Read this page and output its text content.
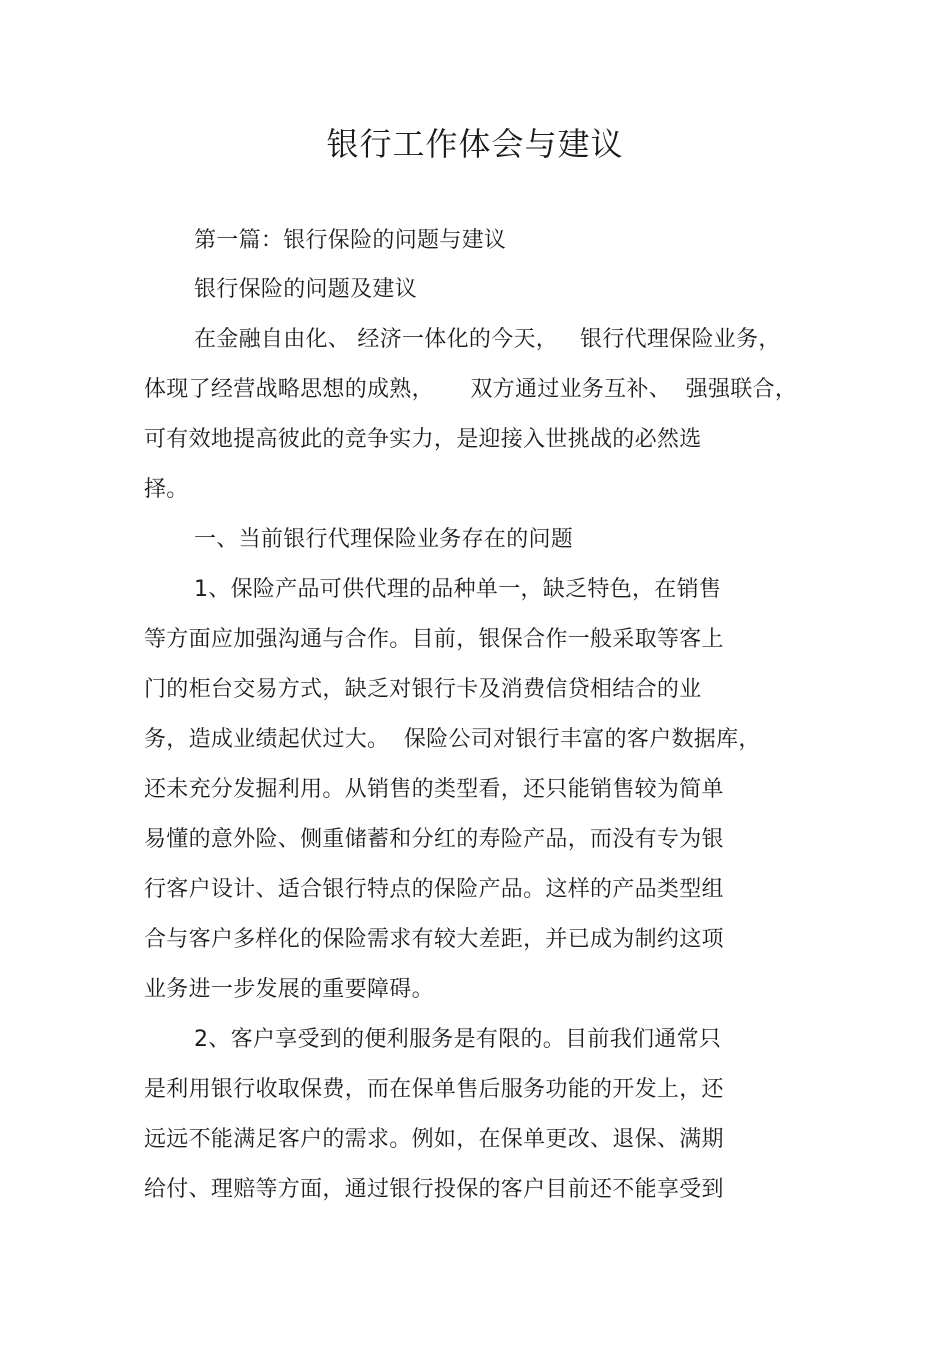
银行工作体会与建议
第一篇：银行保险的问题与建议
银行保险的问题及建议
在金融自由化、 经济一体化的今天，   银行代理保险业务，
体现了经营战略思想的成熟，     双方通过业务互补、  强强联合，
可有效地提高彼此的竞争实力，是迎接入世挑战的必然选
择。
一、当前银行代理保险业务存在的问题
1、保险产品可供代理的品种单一，缺乏特色，在销售
等方面应加强沟通与合作。目前，银保合作一般采取等客上
门的柜台交易方式，缺乏对银行卡及消费信贷相结合的业
务，造成业绩起伏过大。  保险公司对银行丰富的客户数据库，
还未充分发掘利用。从销售的类型看，还只能销售较为简单
易懂的意外险、侧重储蓄和分红的寿险产品，而没有专为银
行客户设计、适合银行特点的保险产品。这样的产品类型组
合与客户多样化的保险需求有较大差距，并已成为制约这项
业务进一步发展的重要障碍。
2、客户享受到的便利服务是有限的。目前我们通常只
是利用银行收取保费，而在保单售后服务功能的开发上，还
远远不能满足客户的需求。例如，在保单更改、退保、满期
给付、理赔等方面，通过银行投保的客户目前还不能享受到
